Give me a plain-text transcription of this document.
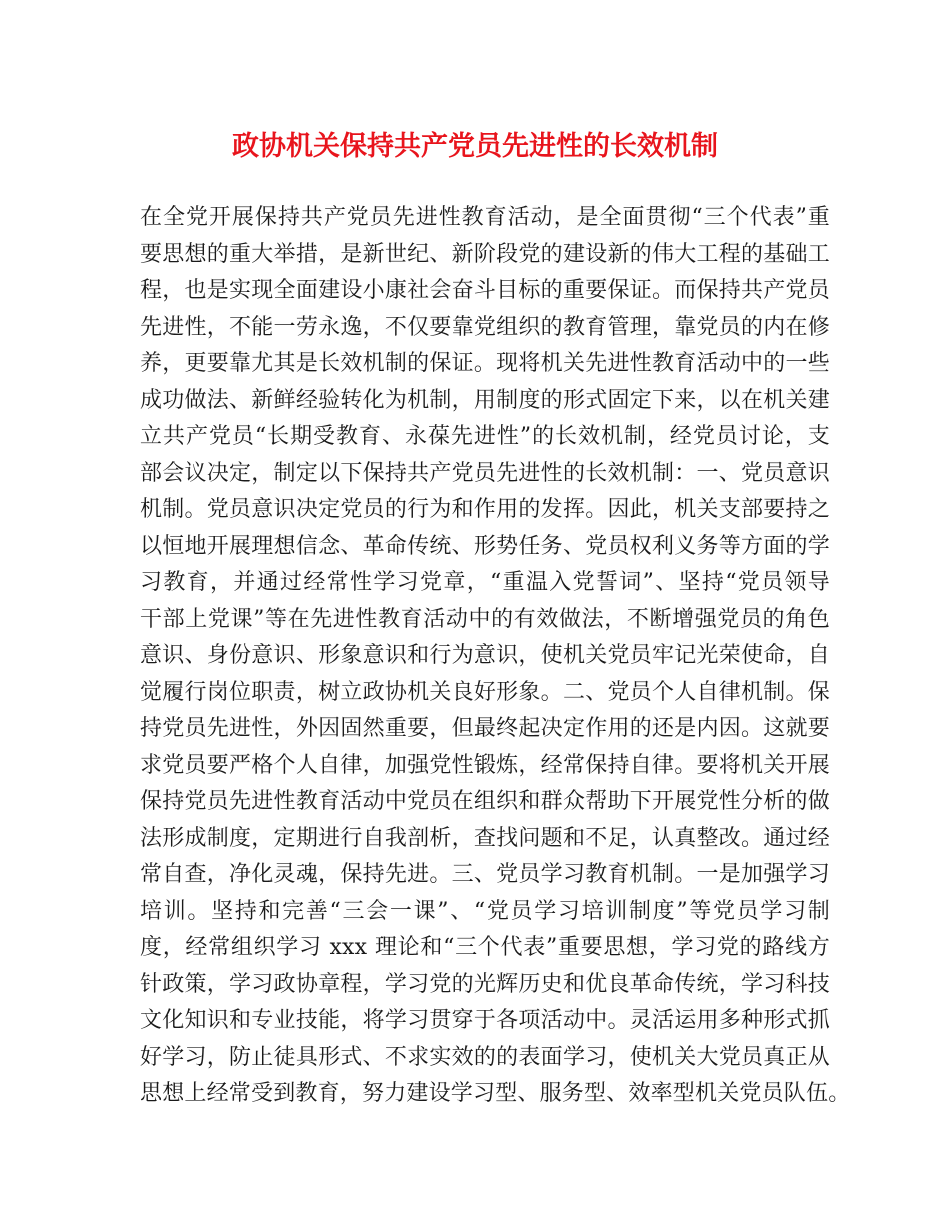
政协机关保持共产党员先进性的长效机制
在全党开展保持共产党员先进性教育活动，是全面贯彻“三个代表”重
要思想的重大举措，是新世纪、新阶段党的建设新的伟大工程的基础工
程，也是实现全面建设小康社会奋斗目标的重要保证。而保持共产党员
先进性，不能一劳永逸，不仅要靠党组织的教育管理，靠党员的内在修
养，更要靠尤其是长效机制的保证。现将机关先进性教育活动中的一些
成功做法、新鲜经验转化为机制，用制度的形式固定下来，以在机关建
立共产党员“长期受教育、永葆先进性”的长效机制，经党员讨论，支
部会议决定，制定以下保持共产党员先进性的长效机制：一、党员意识
机制。党员意识决定党员的行为和作用的发挥。因此，机关支部要持之
以恒地开展理想信念、革命传统、形势任务、党员权利义务等方面的学
习教育，并通过经常性学习党章，“重温入党誓词”、坚持“党员领导
干部上党课”等在先进性教育活动中的有效做法，不断增强党员的角色
意识、身份意识、形象意识和行为意识，使机关党员牢记光荣使命，自
觉履行岗位职责，树立政协机关良好形象。二、党员个人自律机制。保
持党员先进性，外因固然重要，但最终起决定作用的还是内因。这就要
求党员要严格个人自律，加强党性锻炼，经常保持自律。要将机关开展
保持党员先进性教育活动中党员在组织和群众帮助下开展党性分析的做
法形成制度，定期进行自我剖析，查找问题和不足，认真整改。通过经
常自查，净化灵魂，保持先进。三、党员学习教育机制。一是加强学习
培训。坚持和完善“三会一课”、“党员学习培训制度”等党员学习制
度，经常组织学习 xxx 理论和“三个代表”重要思想，学习党的路线方
针政策，学习政协章程，学习党的光辉历史和优良革命传统，学习科技
文化知识和专业技能，将学习贯穿于各项活动中。灵活运用多种形式抓
好学习，防止徒具形式、不求实效的的表面学习，使机关大党员真正从
思想上经常受到教育，努力建设学习型、服务型、效率型机关党员队伍。
